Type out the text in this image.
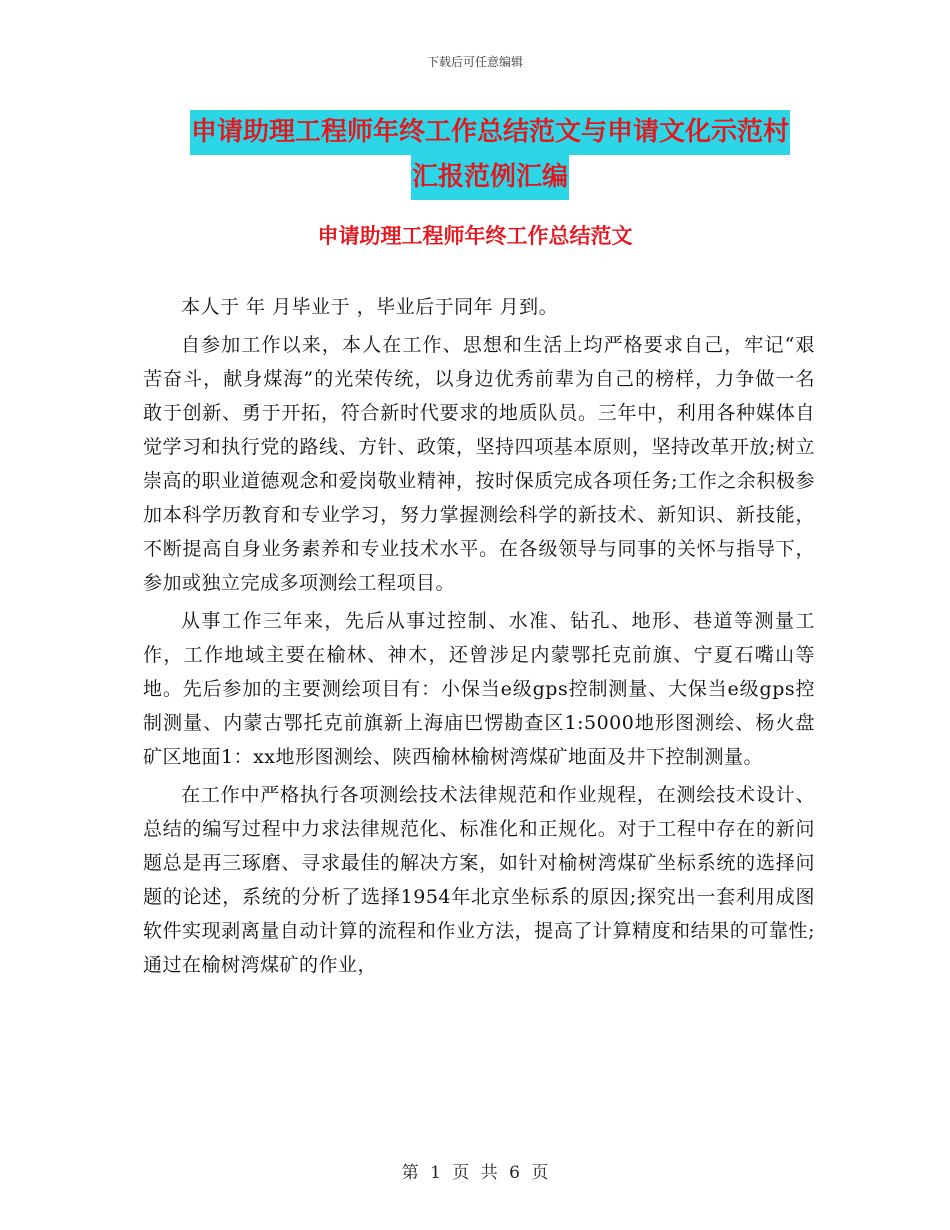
下载后可任意编辑
申请助理工程师年终工作总结范文与申请文化示范村
汇报范例汇编
申请助理工程师年终工作总结范文

本人于 年 月毕业于 ，毕业后于同年 月到。

自参加工作以来，本人在工作、思想和生活上均严格要求自己，牢记“艰苦奋斗，献身煤海”的光荣传统，以身边优秀前辈为自己的榜样，力争做一名敢于创新、勇于开拓，符合新时代要求的地质队员。三年中，利用各种媒体自觉学习和执行党的路线、方针、政策，坚持四项基本原则，坚持改革开放;树立崇高的职业道德观念和爱岗敬业精神，按时保质完成各项任务;工作之余积极参加本科学历教育和专业学习，努力掌握测绘科学的新技术、新知识、新技能，不断提高自身业务素养和专业技术水平。在各级领导与同事的关怀与指导下，参加或独立完成多项测绘工程项目。

从事工作三年来，先后从事过控制、水准、钻孔、地形、巷道等测量工作，工作地域主要在榆林、神木，还曾涉足内蒙鄂托克前旗、宁夏石嘴山等地。先后参加的主要测绘项目有：小保当e级gps控制测量、大保当e级gps控制测量、内蒙古鄂托克前旗新上海庙巴愣勘查区1:5000地形图测绘、杨火盘矿区地面1：xx地形图测绘、陕西榆林榆树湾煤矿地面及井下控制测量。

在工作中严格执行各项测绘技术法律规范和作业规程，在测绘技术设计、总结的编写过程中力求法律规范化、标准化和正规化。对于工程中存在的新问题总是再三琢磨、寻求最佳的解决方案，如针对榆树湾煤矿坐标系统的选择问题的论述，系统的分析了选择1954年北京坐标系的原因;探究出一套利用成图软件实现剥离量自动计算的流程和作业方法，提高了计算精度和结果的可靠性;通过在榆树湾煤矿的作业，

第 1 页 共 6 页
